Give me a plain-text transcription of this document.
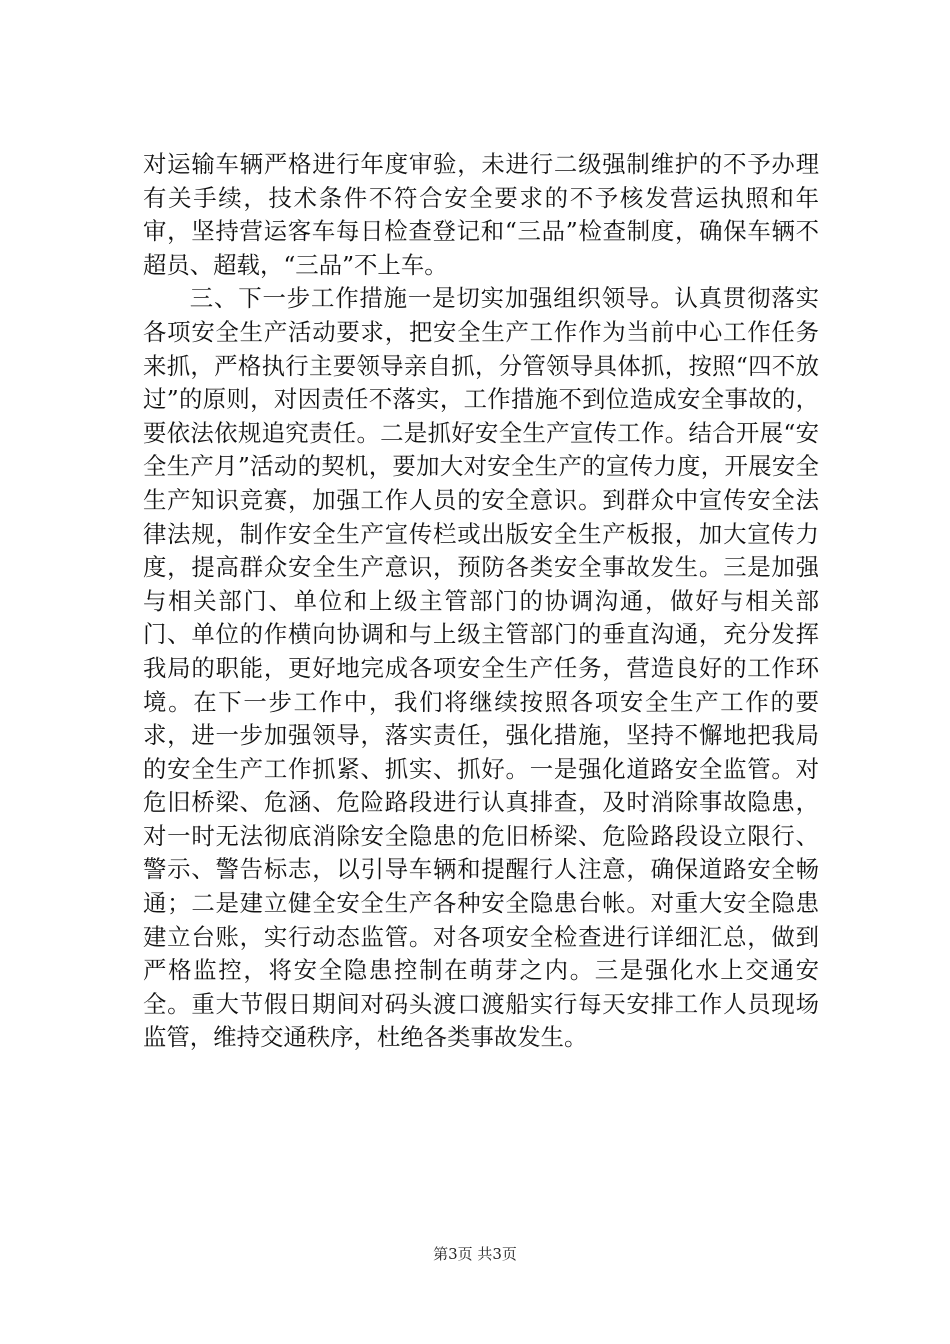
对运输车辆严格进行年度审验，未进行二级强制维护的不予办理有关手续，技术条件不符合安全要求的不予核发营运执照和年审，坚持营运客车每日检查登记和“三品”检查制度，确保车辆不超员、超载，“三品”不上车。

三、下一步工作措施一是切实加强组织领导。认真贯彻落实各项安全生产活动要求，把安全生产工作作为当前中心工作任务来抓，严格执行主要领导亲自抓，分管领导具体抓，按照“四不放过”的原则，对因责任不落实，工作措施不到位造成安全事故的，要依法依规追究责任。二是抓好安全生产宣传工作。结合开展“安全生产月”活动的契机，要加大对安全生产的宣传力度，开展安全生产知识竞赛，加强工作人员的安全意识。到群众中宣传安全法律法规，制作安全生产宣传栏或出版安全生产板报，加大宣传力度，提高群众安全生产意识，预防各类安全事故发生。三是加强与相关部门、单位和上级主管部门的协调沟通，做好与相关部门、单位的作横向协调和与上级主管部门的垂直沟通，充分发挥我局的职能，更好地完成各项安全生产任务，营造良好的工作环境。在下一步工作中，我们将继续按照各项安全生产工作的要求，进一步加强领导，落实责任，强化措施，坚持不懈地把我局的安全生产工作抓紧、抓实、抓好。一是强化道路安全监管。对危旧桥梁、危涵、危险路段进行认真排查，及时消除事故隐患，对一时无法彻底消除安全隐患的危旧桥梁、危险路段设立限行、警示、警告标志，以引导车辆和提醒行人注意，确保道路安全畅通；二是建立健全安全生产各种安全隐患台帐。对重大安全隐患建立台账，实行动态监管。对各项安全检查进行详细汇总，做到严格监控，将安全隐患控制在萌芽之内。三是强化水上交通安全。重大节假日期间对码头渡口渡船实行每天安排工作人员现场监管，维持交通秩序，杜绝各类事故发生。

第3页 共3页
